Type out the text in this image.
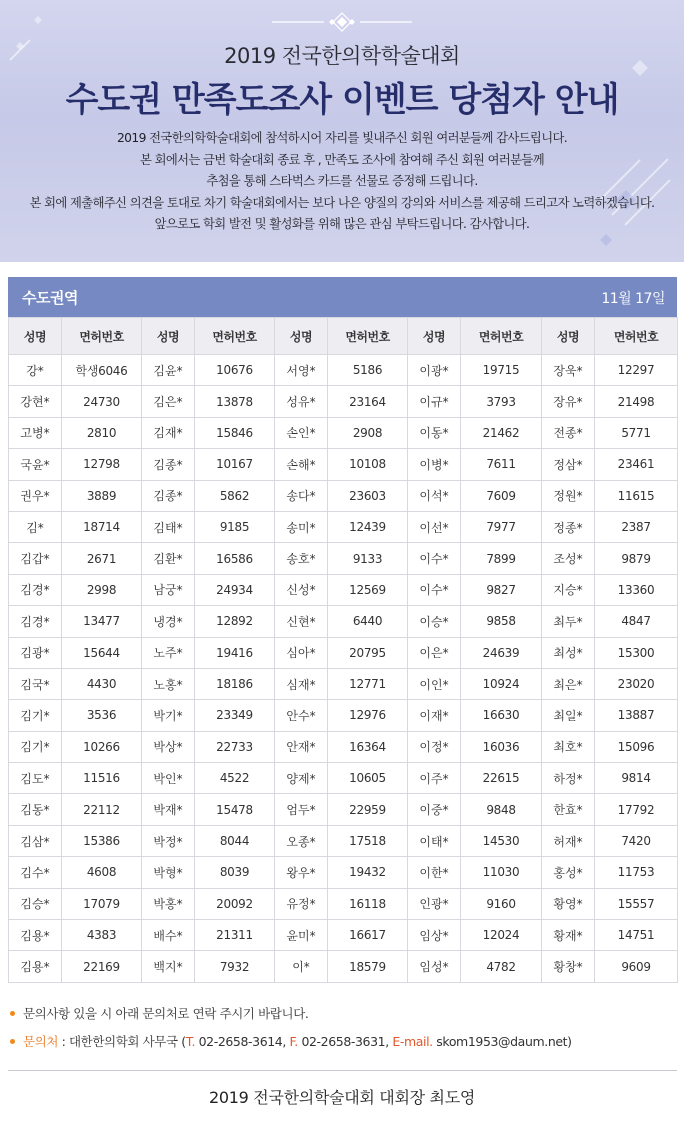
2019 전국한의학학술대회
수도권 만족도조사 이벤트 당첨자 안내
2019 전국한의학학술대회에 참석하시어 자리를 빛내주신 회원 여러분들께 감사드립니다.
본 회에서는 금번 학술대회 종료 후 , 만족도 조사에 참여해 주신 회원 여러분들께
추첨을 통해 스타벅스 카드를 선물로 증정해 드립니다.
본 회에 제출해주신 의견을 토대로 차기 학술대회에서는 보다 나은 양질의 강의와 서비스를 제공해 드리고자 노력하겠습니다.
앞으로도 학회 발전 및 활성화를 위해 많은 관심 부탁드립니다. 감사합니다.
수도권역	11월 17일
성명	면허번호	성명	면허번호	성명	면허번호	성명	면허번호	성명	면허번호
강*	학생6046	김윤*	10676	서영*	5186	이광*	19715	장욱*	12297
강현*	24730	김은*	13878	성유*	23164	이규*	3793	장유*	21498
고병*	2810	김재*	15846	손인*	2908	이동*	21462	전종*	5771
국윤*	12798	김종*	10167	손해*	10108	이병*	7611	정삼*	23461
권우*	3889	김종*	5862	송다*	23603	이석*	7609	정원*	11615
김*	18714	김태*	9185	송미*	12439	이선*	7977	정종*	2387
김갑*	2671	김환*	16586	송호*	9133	이수*	7899	조성*	9879
김경*	2998	남궁*	24934	신성*	12569	이수*	9827	지승*	13360
김경*	13477	냉경*	12892	신현*	6440	이승*	9858	최두*	4847
김광*	15644	노주*	19416	심아*	20795	이은*	24639	최성*	15300
김국*	4430	노홍*	18186	심재*	12771	이인*	10924	최은*	23020
김기*	3536	박기*	23349	안수*	12976	이재*	16630	최일*	13887
김기*	10266	박상*	22733	안재*	16364	이정*	16036	최호*	15096
김도*	11516	박인*	4522	양제*	10605	이주*	22615	하정*	9814
김동*	22112	박재*	15478	엄두*	22959	이중*	9848	한효*	17792
김삼*	15386	박정*	8044	오종*	17518	이태*	14530	허재*	7420
김수*	4608	박형*	8039	왕우*	19432	이한*	11030	홍성*	11753
김승*	17079	박홍*	20092	유정*	16118	인광*	9160	황영*	15557
김용*	4383	배수*	21311	윤미*	16617	임상*	12024	황재*	14751
김용*	22169	백지*	7932	이*	18579	임성*	4782	황창*	9609
문의사항 있을 시 아래 문의처로 연락 주시기 바랍니다.
문의처 : 대한한의학회 사무국 (T. 02-2658-3614, F. 02-2658-3631, E-mail. skom1953@daum.net)
2019 전국한의학술대회 대회장 최도영
